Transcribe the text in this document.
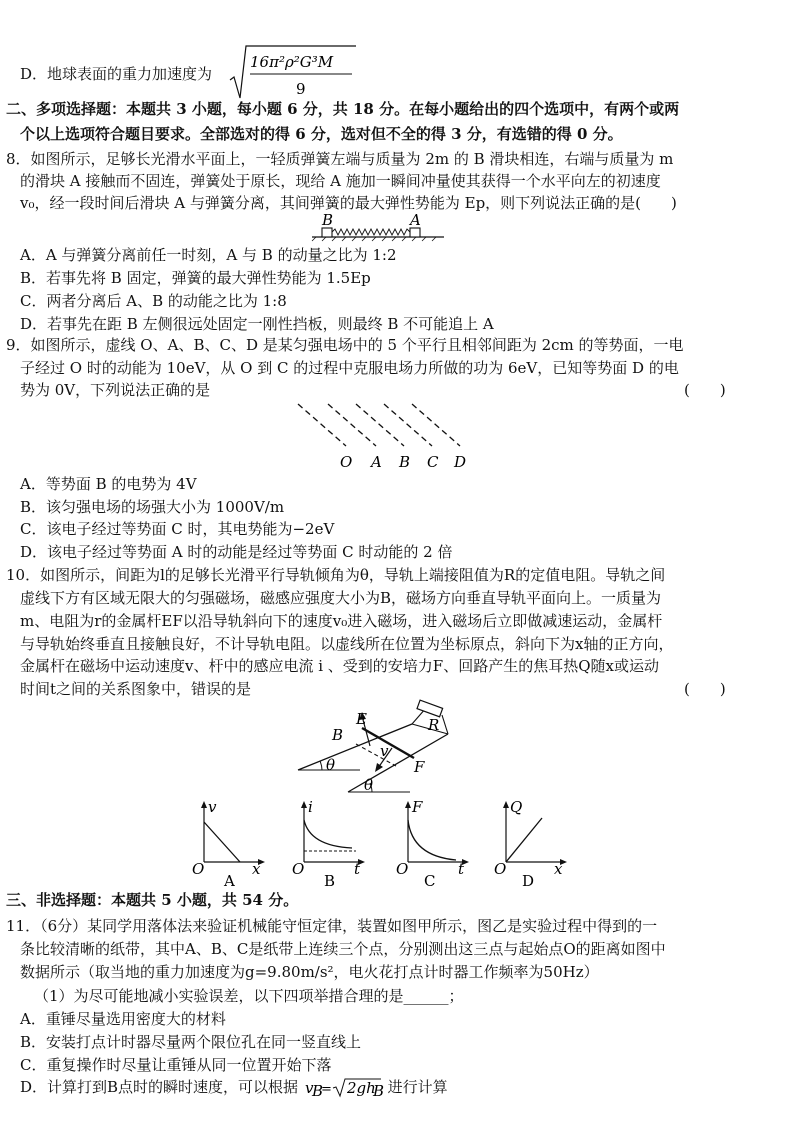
D．地球表面的重力加速度为
16π²ρ²G³M
9
二、多项选择题：本题共 3 小题，每小题 6 分，共 18 分。在每小题给出的四个选项中，有两个或两
个以上选项符合题目要求。全部选对的得 6 分，选对但不全的得 3 分，有选错的得 0 分。
8．如图所示，足够长光滑水平面上，一轻质弹簧左端与质量为 2m 的 B 滑块相连，右端与质量为 m
的滑块 A 接触而不固连，弹簧处于原长，现给 A 施加一瞬间冲量使其获得一个水平向左的初速度
v₀，经一段时间后滑块 A 与弹簧分离，其间弹簧的最大弹性势能为 Ep，则下列说法正确的是(　　)
B	A
A．A 与弹簧分离前任一时刻，A 与 B 的动量之比为 1:2
B．若事先将 B 固定，弹簧的最大弹性势能为 1.5Ep
C．两者分离后 A、B 的动能之比为 1:8
D．若事先在距 B 左侧很远处固定一刚性挡板，则最终 B 不可能追上 A
9．如图所示，虚线 O、A、B、C、D 是某匀强电场中的 5 个平行且相邻间距为 2cm 的等势面，一电
子经过 O 时的动能为 10eV，从 O 到 C 的过程中克服电场力所做的功为 6eV，已知等势面 D 的电
势为 0V，下列说法正确的是	(　　)
O A B C D
A．等势面 B 的电势为 4V
B．该匀强电场的场强大小为 1000V/m
C．该电子经过等势面 C 时，其电势能为−2eV
D．该电子经过等势面 A 时的动能是经过等势面 C 时动能的 2 倍
10．如图所示，间距为l的足够长光滑平行导轨倾角为θ，导轨上端接阻值为R的定值电阻。导轨之间
虚线下方有区域无限大的匀强磁场，磁感应强度大小为B，磁场方向垂直导轨平面向上。一质量为
m、电阻为r的金属杆EF以沿导轨斜向下的速度v₀进入磁场，进入磁场后立即做减速运动，金属杆
与导轨始终垂直且接触良好，不计导轨电阻。以虚线所在位置为坐标原点，斜向下为x轴的正方向，
金属杆在磁场中运动速度v、杆中的感应电流 i 、受到的安培力F、回路产生的焦耳热Q随x或运动
时间t之间的关系图象中，错误的是	(　　)
E
B
R
v
F
θ
θ
v
x
O
A
i
t
O
B
F
t
O
C
Q
x
O
D
三、非选择题：本题共 5 小题，共 54 分。
11．（6分）某同学用落体法来验证机械能守恒定律，装置如图甲所示，图乙是实验过程中得到的一
条比较清晰的纸带，其中A、B、C是纸带上连续三个点，分别测出这三点与起始点O的距离如图中
数据所示（取当地的重力加速度为g=9.80m/s²，电火花打点计时器工作频率为50Hz）
（1）为尽可能地减小实验误差，以下四项举措合理的是______；
A．重锤尽量选用密度大的材料
B．安装打点计时器尽量两个限位孔在同一竖直线上
C．重复操作时尽量让重锤从同一位置开始下落
D．计算打到B点时的瞬时速度，可以根据 v
B
= 2gh
B 进行计算
